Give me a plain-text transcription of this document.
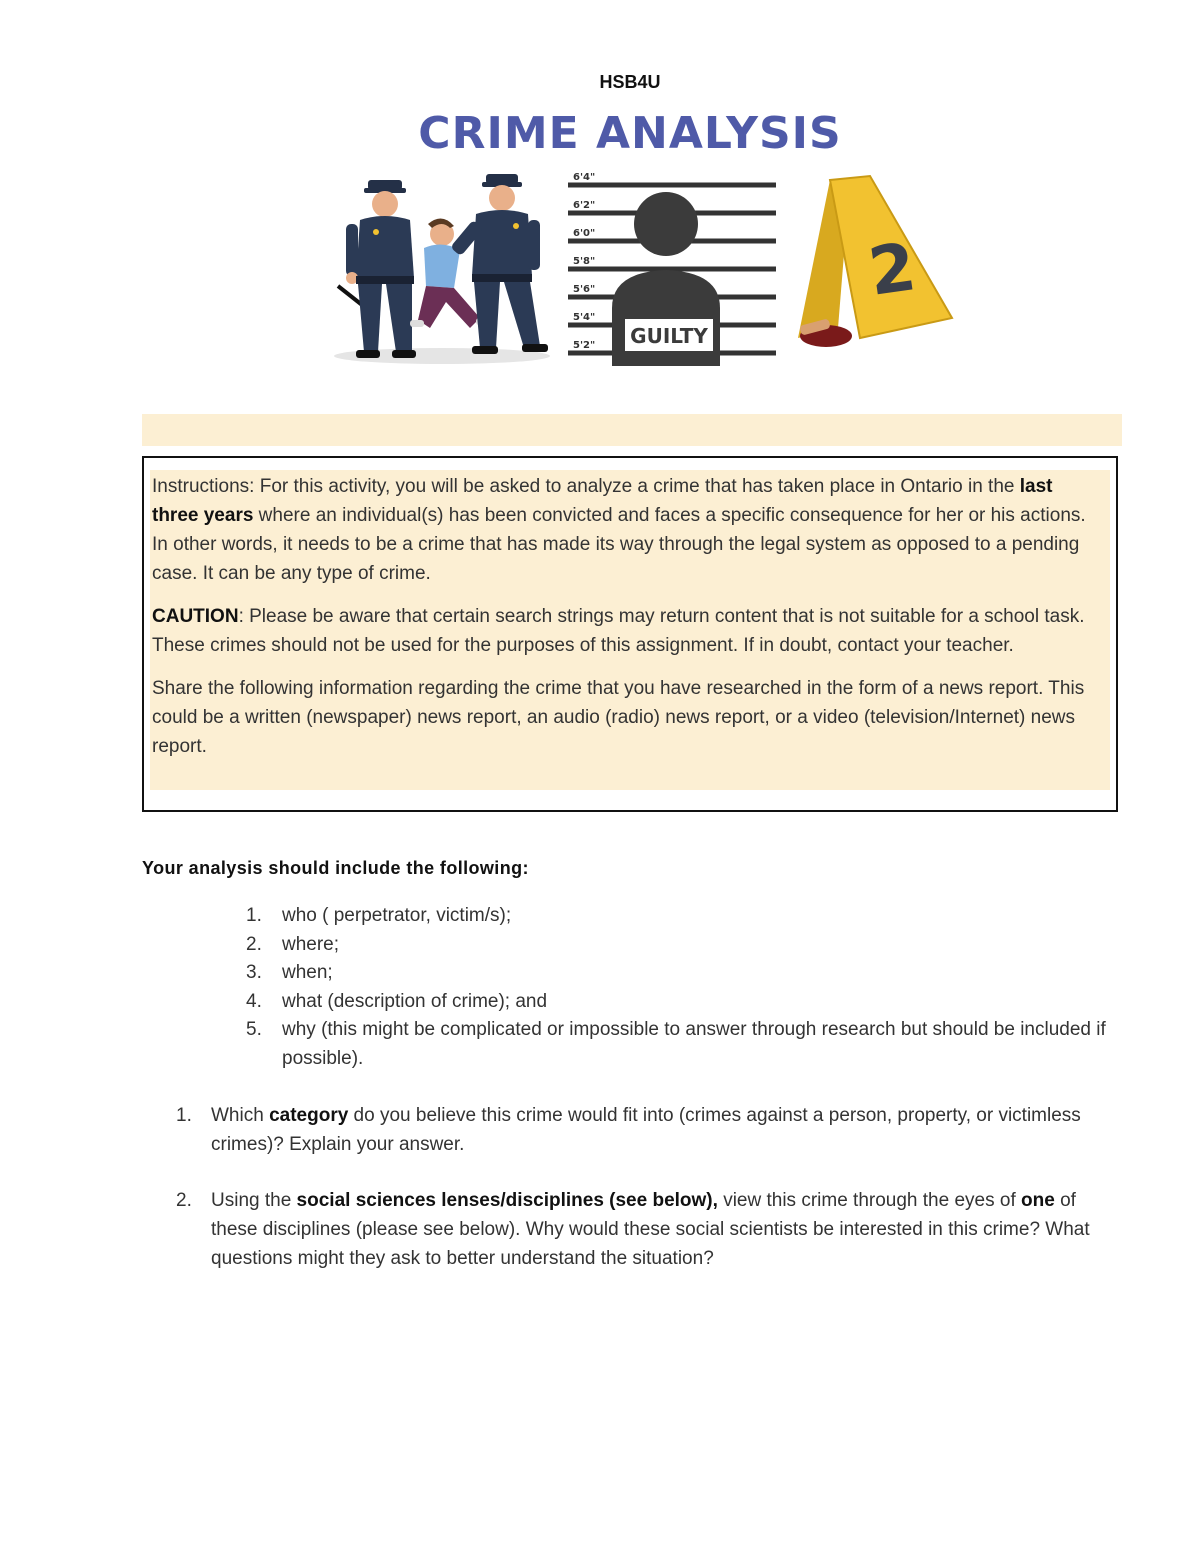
HSB4U
CRIME ANALYSIS
6'4"
6'2"
6'0"
5'8"
5'6"
5'4"
5'2" GUILTY
2

Instructions: For this activity, you will be asked to analyze a crime that has taken place in Ontario in the last three years where an individual(s) has been convicted and faces a specific consequence for her or his actions. In other words, it needs to be a crime that has made its way through the legal system as opposed to a pending case. It can be any type of crime.

CAUTION: Please be aware that certain search strings may return content that is not suitable for a school task. These crimes should not be used for the purposes of this assignment. If in doubt, contact your teacher.

Share the following information regarding the crime that you have researched in the form of a news report. This could be a written (newspaper) news report, an audio (radio) news report, or a video (television/Internet) news report.

Your analysis should include the following:
1. who ( perpetrator, victim/s);
2. where;
3. when;
4. what (description of crime); and
5. why (this might be complicated or impossible to answer through research but should be included if possible).
1. Which category do you believe this crime would fit into (crimes against a person, property, or victimless crimes)? Explain your answer.
2. Using the social sciences lenses/disciplines (see below), view this crime through the eyes of one of these disciplines (please see below). Why would these social scientists be interested in this crime? What questions might they ask to better understand the situation?
